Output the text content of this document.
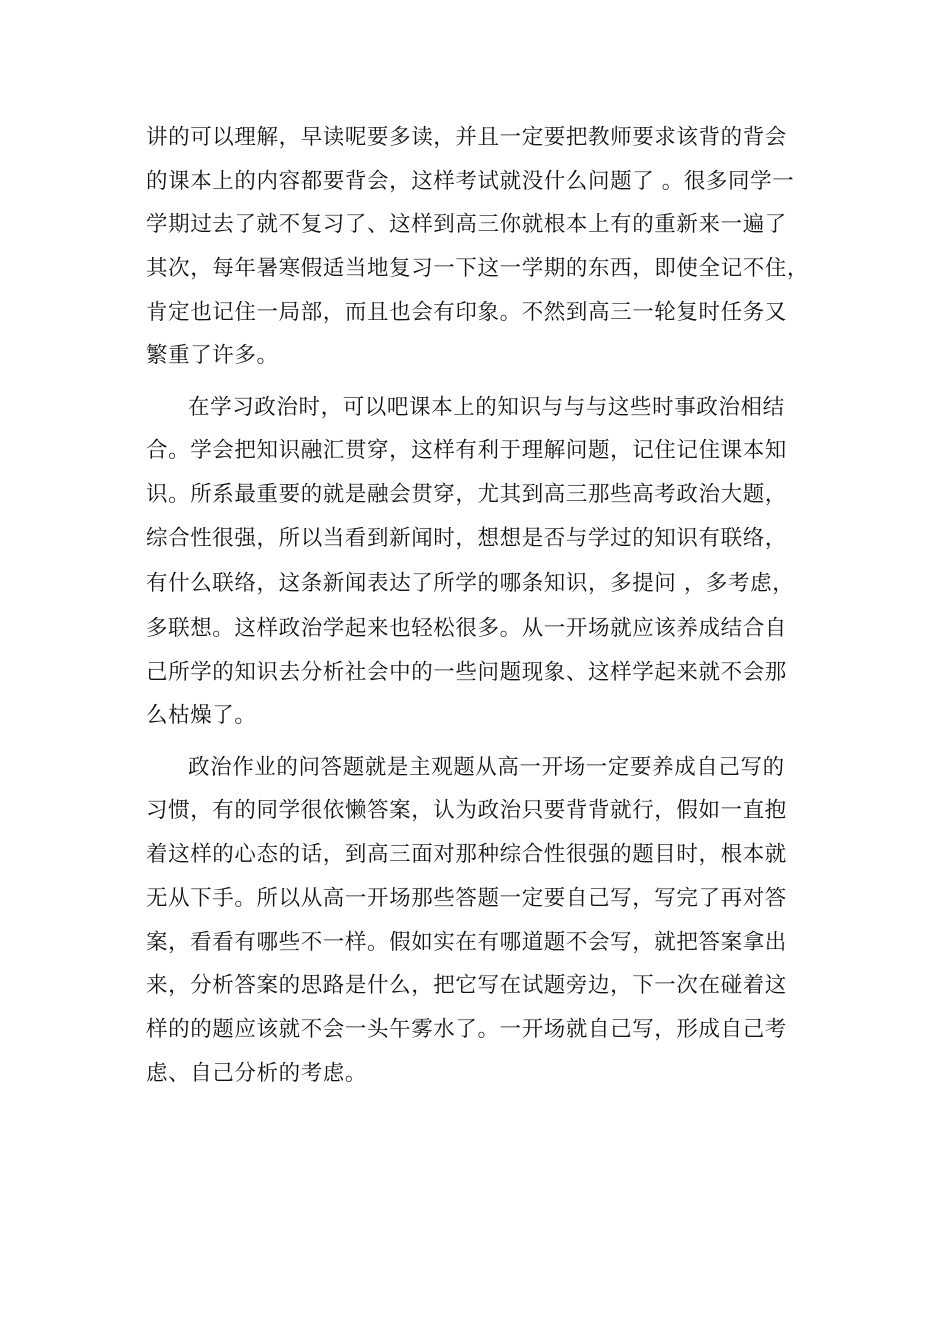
讲的可以理解，早读呢要多读，并且一定要把教师要求该背的背会
的课本上的内容都要背会，这样考试就没什么问题了 。很多同学一
学期过去了就不复习了、这样到高三你就根本上有的重新来一遍了
其次，每年暑寒假适当地复习一下这一学期的东西，即使全记不住，
肯定也记住一局部，而且也会有印象。不然到高三一轮复时任务又
繁重了许多。
在学习政治时，可以吧课本上的知识与与与这些时事政治相结
合。学会把知识融汇贯穿，这样有利于理解问题，记住记住课本知
识。所系最重要的就是融会贯穿，尤其到高三那些高考政治大题，
综合性很强，所以当看到新闻时，想想是否与学过的知识有联络，
有什么联络，这条新闻表达了所学的哪条知识，多提问 ，多考虑，
多联想。这样政治学起来也轻松很多。从一开场就应该养成结合自
己所学的知识去分析社会中的一些问题现象、这样学起来就不会那
么枯燥了。
政治作业的问答题就是主观题从高一开场一定要养成自己写的
习惯，有的同学很依懒答案，认为政治只要背背就行，假如一直抱
着这样的心态的话，到高三面对那种综合性很强的题目时，根本就
无从下手。所以从高一开场那些答题一定要自己写，写完了再对答
案，看看有哪些不一样。假如实在有哪道题不会写，就把答案拿出
来，分析答案的思路是什么，把它写在试题旁边，下一次在碰着这
样的的题应该就不会一头午雾水了。一开场就自己写，形成自己考
虑、自己分析的考虑。
